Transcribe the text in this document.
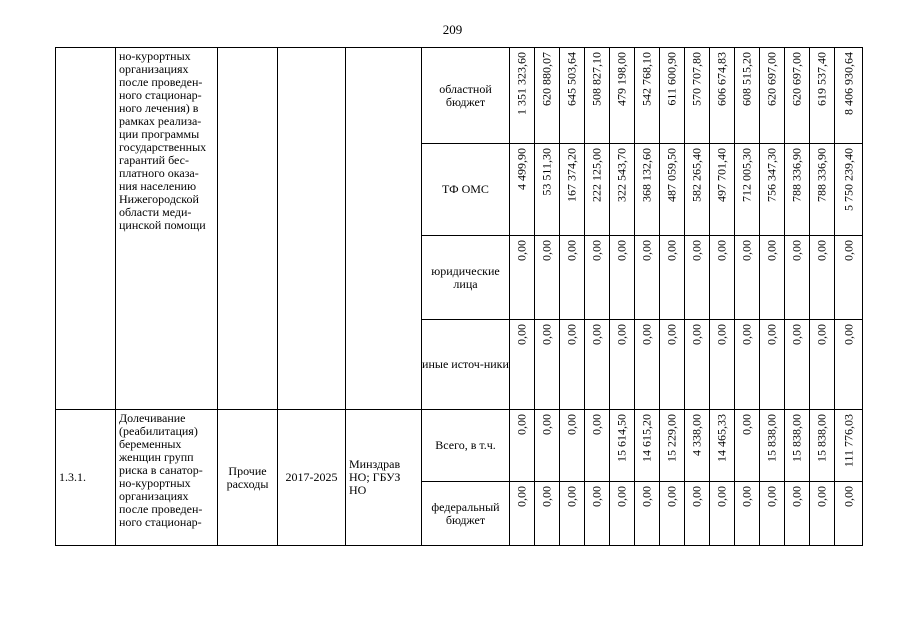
209
	но-курортных организациях после проведен-ного стационар-ного лечения) в рамках реализа-ции программы государственных гарантий бес-платного оказа-ния населению Нижегородской области меди-цинской помощи				областной бюджет	1 351 323,60	620 880,07	645 503,64	508 827,10	479 198,00	542 768,10	611 600,90	570 707,80	606 674,83	608 515,20	620 697,00	620 697,00	619 537,40	8 406 930,64

					ТФ ОМС	4 499,90	53 511,30	167 374,20	222 125,00	322 543,70	368 132,60	487 059,50	582 265,40	497 701,40	712 005,30	756 347,30	788 336,90	788 336,90	5 750 239,40

					юридические лица	0,00	0,00	0,00	0,00	0,00	0,00	0,00	0,00	0,00	0,00	0,00	0,00	0,00	0,00

					иные источ-ники	0,00	0,00	0,00	0,00	0,00	0,00	0,00	0,00	0,00	0,00	0,00	0,00	0,00	0,00

1.3.1.	Долечивание (реабилитация) беременных женщин групп риска в санатор-но-курортных организациях после проведен-ного стационар-	Прочие расходы	2017-2025	Минздрав НО; ГБУЗ НО	Всего, в т.ч.	0,00	0,00	0,00	0,00	15 614,50	14 615,20	15 229,00	4 338,00	14 465,33	0,00	15 838,00	15 838,00	15 838,00	111 776,03

					федеральный бюджет	0,00	0,00	0,00	0,00	0,00	0,00	0,00	0,00	0,00	0,00	0,00	0,00	0,00	0,00
